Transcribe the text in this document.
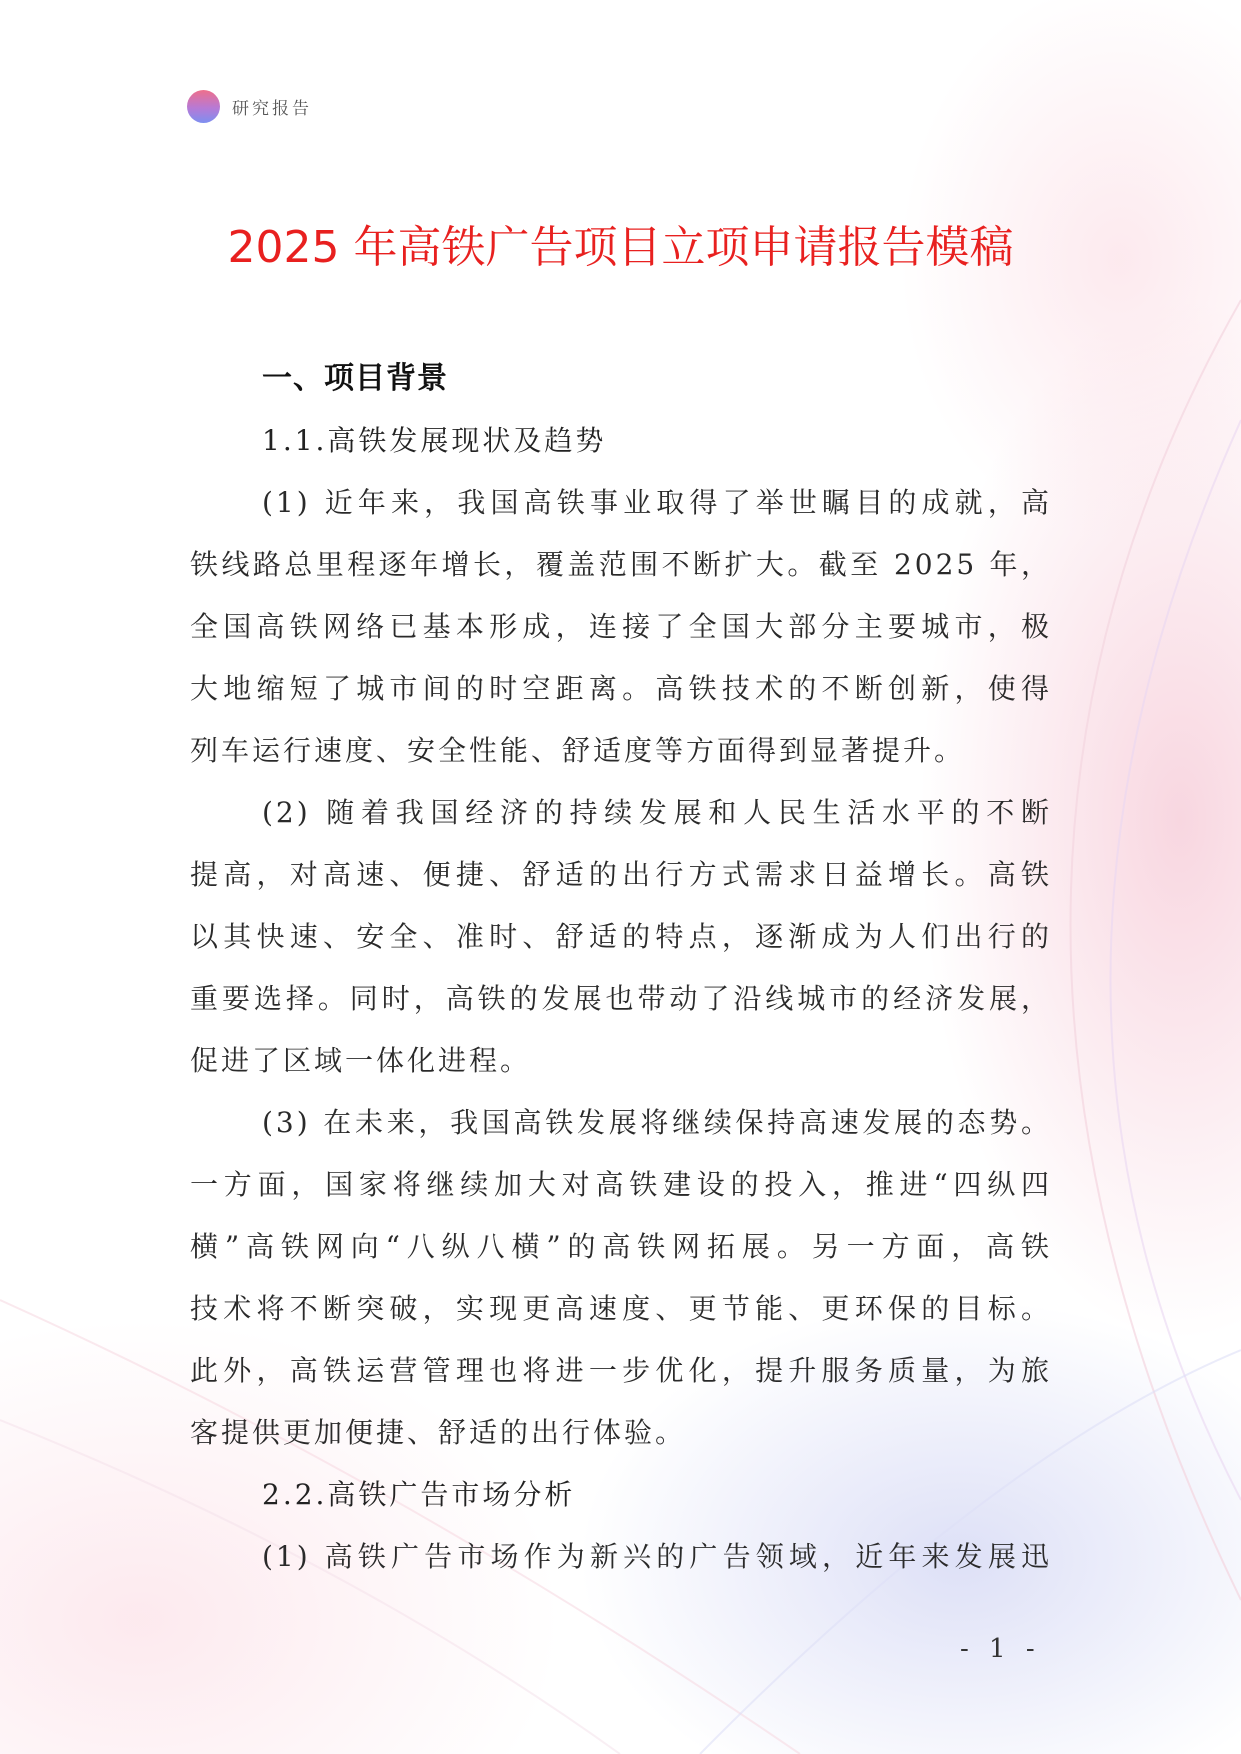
研究报告
2025 年高铁广告项目立项申请报告模稿
一、项目背景
1.1.高铁发展现状及趋势
(1) 近年来，我国高铁事业取得了举世瞩目的成就，高
铁线路总里程逐年增长，覆盖范围不断扩大。截至 2025 年，
全国高铁网络已基本形成，连接了全国大部分主要城市，极
大地缩短了城市间的时空距离。高铁技术的不断创新，使得
列车运行速度、安全性能、舒适度等方面得到显著提升。
(2) 随着我国经济的持续发展和人民生活水平的不断
提高，对高速、便捷、舒适的出行方式需求日益增长。高铁
以其快速、安全、准时、舒适的特点，逐渐成为人们出行的
重要选择。同时，高铁的发展也带动了沿线城市的经济发展，
促进了区域一体化进程。
(3) 在未来，我国高铁发展将继续保持高速发展的态势。
一方面，国家将继续加大对高铁建设的投入，推进“四纵四
横”高铁网向“八纵八横”的高铁网拓展。另一方面，高铁
技术将不断突破，实现更高速度、更节能、更环保的目标。
此外，高铁运营管理也将进一步优化，提升服务质量，为旅
客提供更加便捷、舒适的出行体验。
2.2.高铁广告市场分析
(1) 高铁广告市场作为新兴的广告领域，近年来发展迅
- 1 -
